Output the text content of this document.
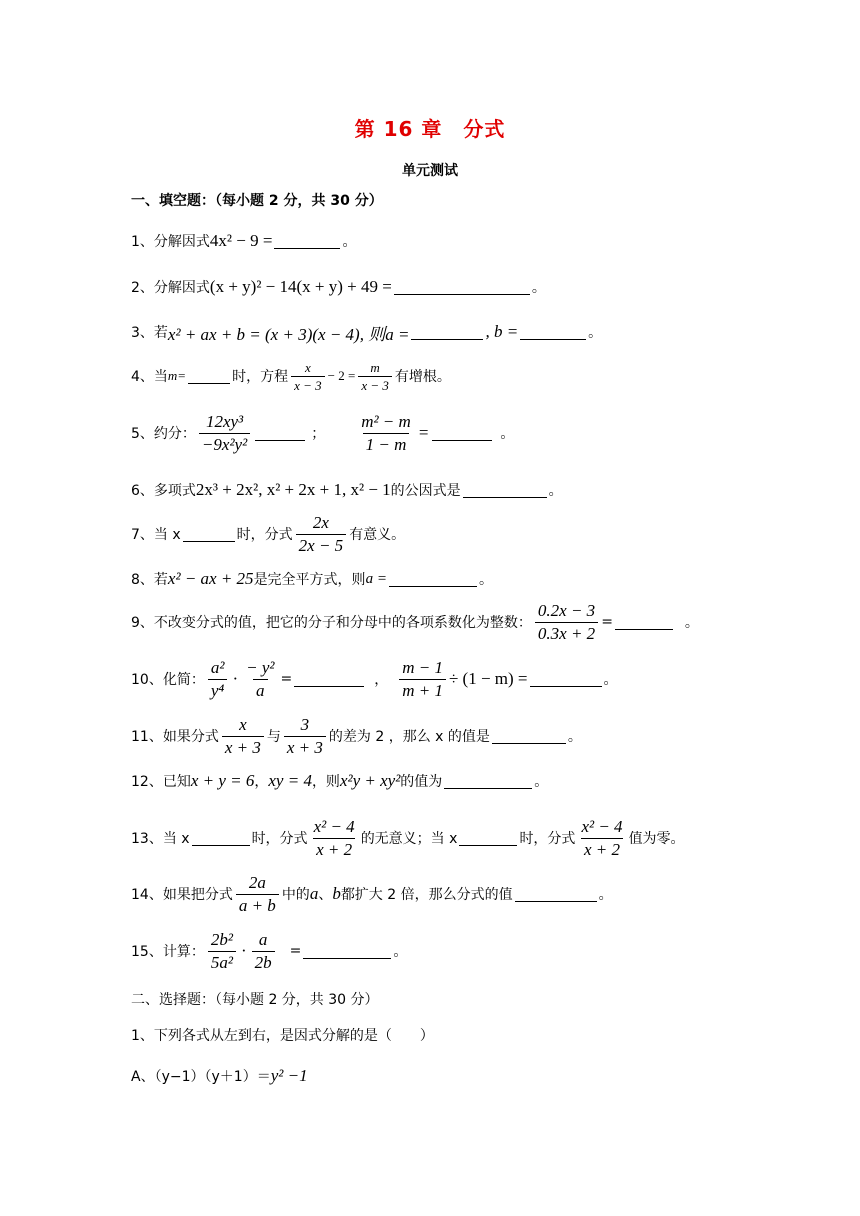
第 16 章　分式
单元测试
一、填空题：（每小题 2 分，共 30 分）
1、分解因式 4x² − 9 =	。
2、分解因式 (x + y)² − 14(x + y) + 49 =	。
3、若 x² + ax + b = (x + 3)(x − 4), 则a =	, b =	。
4、当 m=	时，方程 $\frac{x}{x - 3} - 2 = \frac{m}{x - 3}$ 有增根。
5、约分： $\frac{\text{12xy³}}{\text{−9x²y²}}$	； $\frac{\text{m² − m}}{1 - m}$ =	。
6、多项式 2x³ + 2x², x² + 2x + 1, x² − 1 的公因式是	。
7、当 x	时，分式 $\frac{2x}{2x - 5}$ 有意义。
8、若 x² − ax + 25 是完全平方式，则 a =	。
9、不改变分式的值，把它的分子和分母中的各项系数化为整数： $\frac{0.2x - 3}{0.3x + 2}$ =	。
10、化简： $\frac{\text{a²}}{\text{y⁴}} \cdot \frac{\text{− y²}}{a}$ =	， $\frac{m - 1}{m + 1} \div (1 - m)$ =	。
11、如果分式 $\frac{x}{x + 3}$ 与 $\frac{3}{x + 3}$ 的差为 2 ，那么 x 的值是	。
12、已知 x + y = 6 ， xy = 4 ，则 x²y + xy² 的值为	。
13、当 x	时，分式 $\frac{\text{x² − 4}}{x + 2}$ 的无意义；当 x	时，分式 $\frac{\text{x² − 4}}{x + 2}$ 值为零。
14、如果把分式 $\frac{2a}{a + b}$ 中的 a 、 b 都扩大 2 倍，那么分式的值	。
15、计算： $\frac{\text{2b²}}{\text{5a²}} \cdot \frac{a}{2b}$ =	。
二、选择题：（每小题 2 分，共 30 分）
1、下列各式从左到右，是因式分解的是（　　）
A、（y−1）（y＋1）＝ y² −1
